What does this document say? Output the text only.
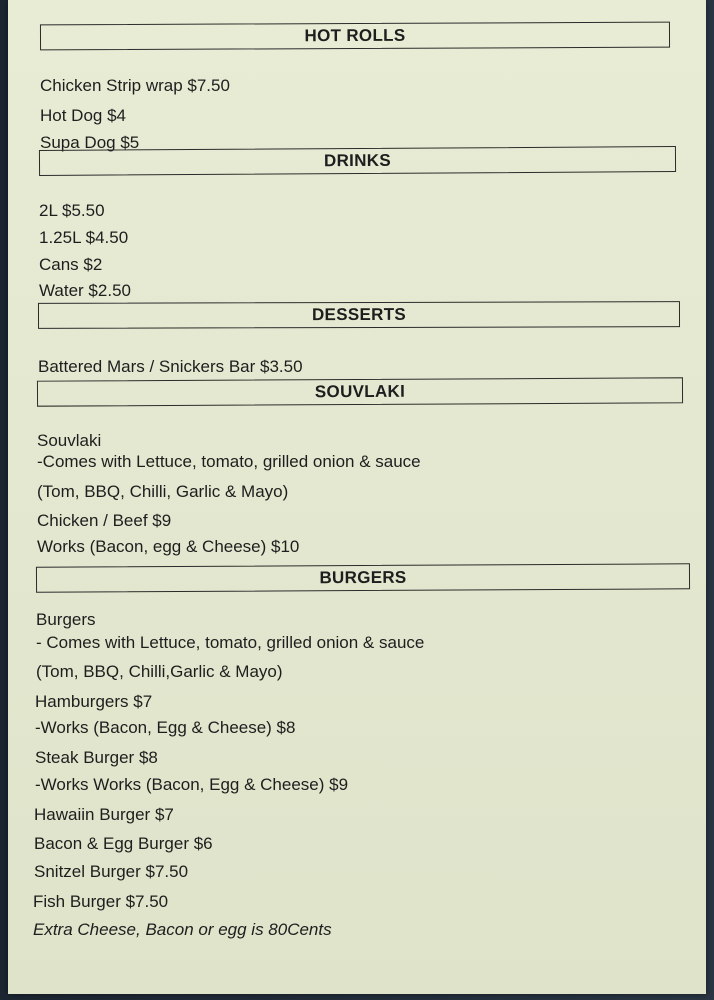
HOT ROLLS
Chicken Strip wrap $7.50
Hot Dog $4
Supa Dog $5
DRINKS
2L $5.50
1.25L $4.50
Cans $2
Water $2.50
DESSERTS
Battered Mars / Snickers Bar $3.50
SOUVLAKI
Souvlaki
-Comes with Lettuce, tomato, grilled onion & sauce
(Tom, BBQ, Chilli, Garlic & Mayo)
Chicken / Beef $9
Works (Bacon, egg & Cheese) $10
BURGERS
Burgers
- Comes with Lettuce, tomato, grilled onion & sauce
(Tom, BBQ, Chilli,Garlic & Mayo)
Hamburgers $7
-Works (Bacon, Egg & Cheese) $8
Steak Burger $8
-Works Works (Bacon, Egg & Cheese) $9
Hawaiin Burger $7
Bacon & Egg Burger $6
Snitzel Burger $7.50
Fish Burger $7.50
Extra Cheese, Bacon or egg is 80Cents
